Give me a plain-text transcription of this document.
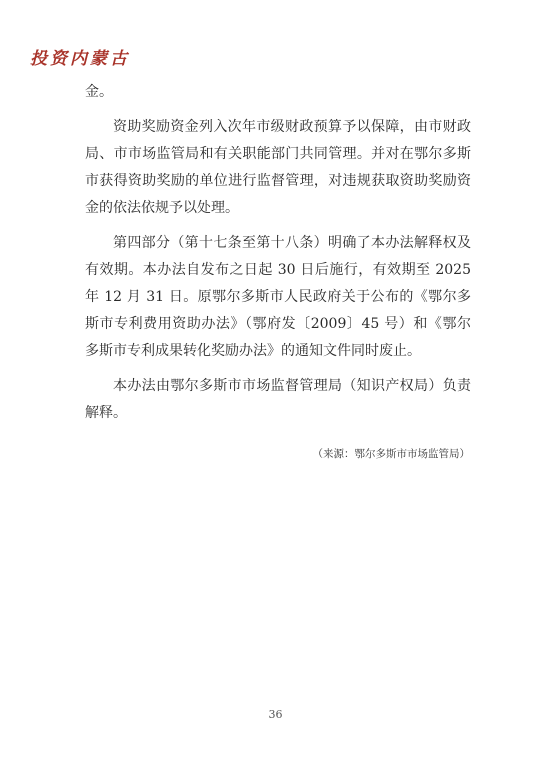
投资内蒙古

金。

资助奖励资金列入次年市级财政预算予以保障，由市财政局、市市场监管局和有关职能部门共同管理。并对在鄂尔多斯市获得资助奖励的单位进行监督管理，对违规获取资助奖励资金的依法依规予以处理。

第四部分（第十七条至第十八条）明确了本办法解释权及有效期。本办法自发布之日起 30 日后施行，有效期至 2025 年 12 月 31 日。原鄂尔多斯市人民政府关于公布的《鄂尔多斯市专利费用资助办法》（鄂府发〔2009〕45 号）和《鄂尔多斯市专利成果转化奖励办法》的通知文件同时废止。

本办法由鄂尔多斯市市场监督管理局（知识产权局）负责解释。

（来源：鄂尔多斯市市场监管局）
36
